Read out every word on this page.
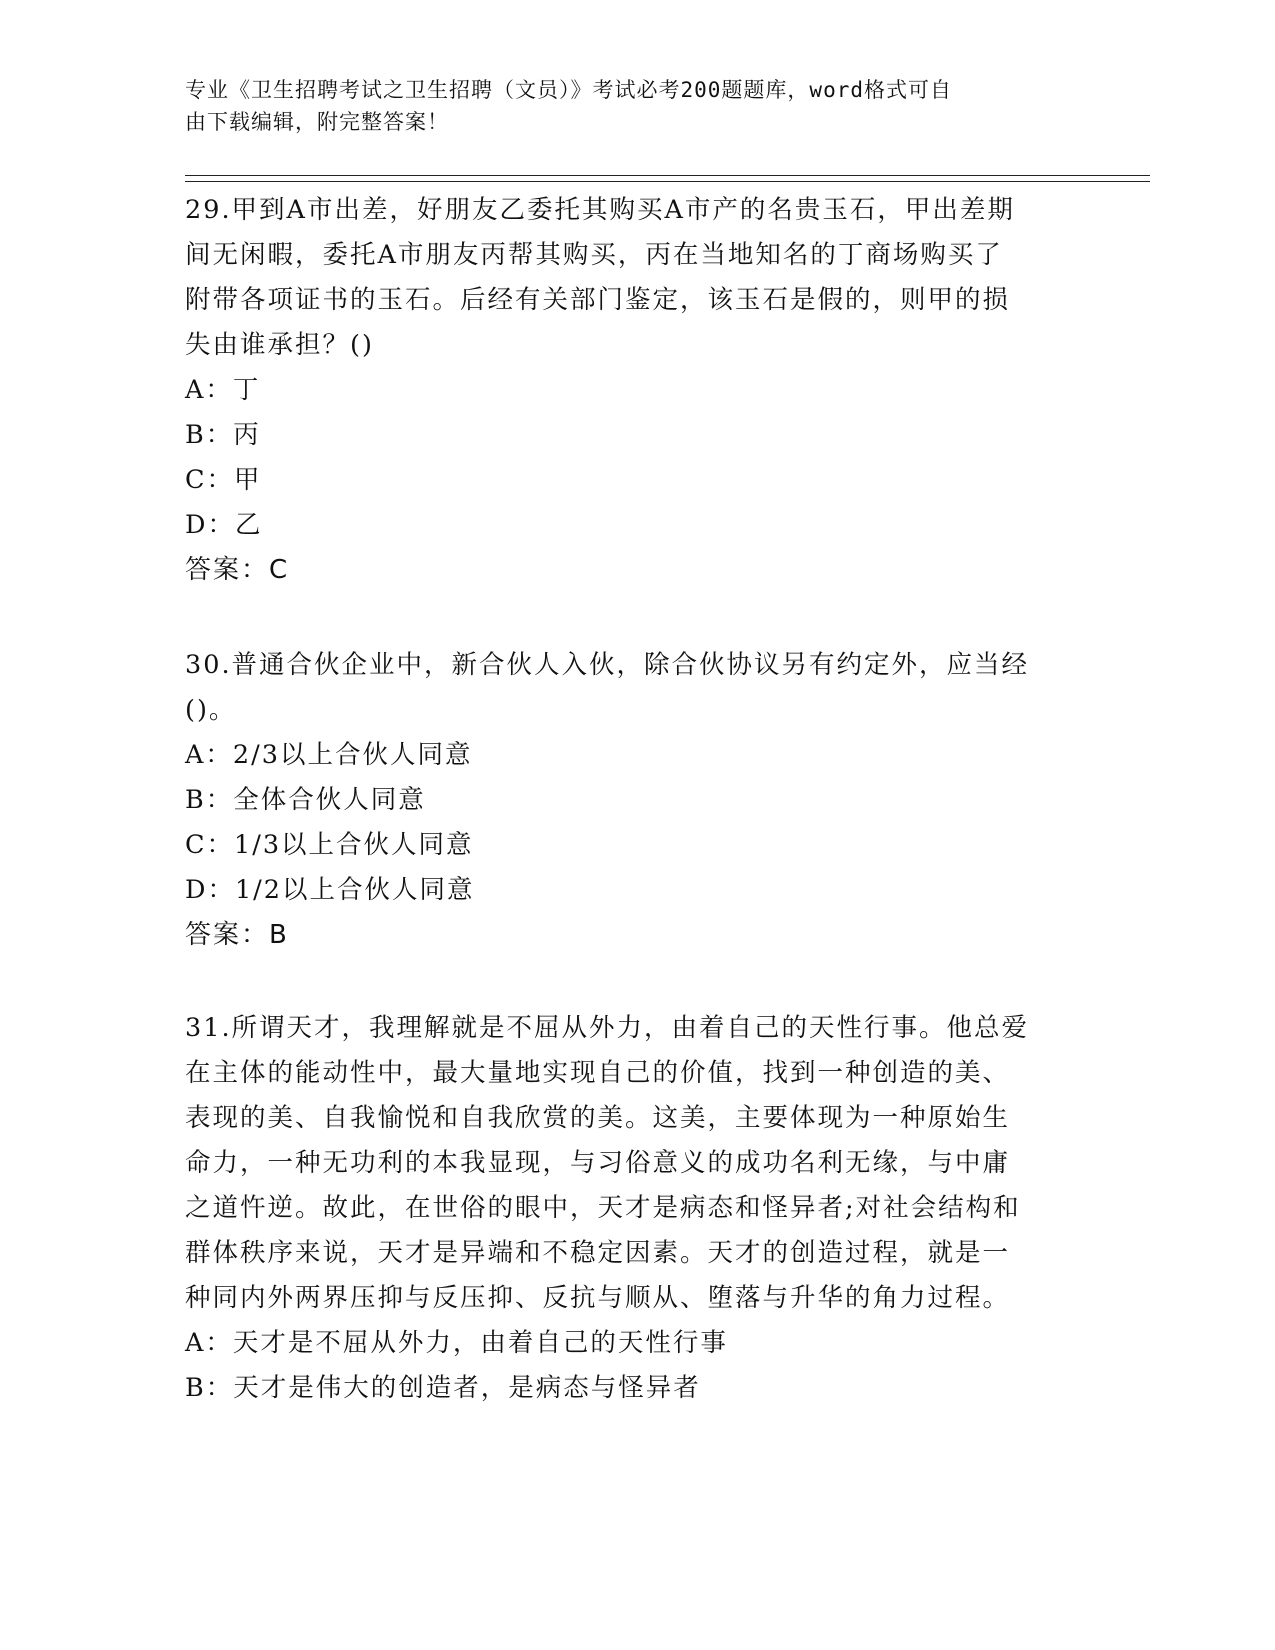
专业《卫生招聘考试之卫生招聘（文员）》考试必考200题题库，word格式可自

由下载编辑，附完整答案！

29.甲到A市出差，好朋友乙委托其购买A市产的名贵玉石，甲出差期

间无闲暇，委托A市朋友丙帮其购买，丙在当地知名的丁商场购买了

附带各项证书的玉石。后经有关部门鉴定，该玉石是假的，则甲的损

失由谁承担？()

A：丁

B：丙

C：甲

D：乙

答案：C

30.普通合伙企业中，新合伙人入伙，除合伙协议另有约定外，应当经

()。

A：2/3以上合伙人同意

B：全体合伙人同意

C：1/3以上合伙人同意

D：1/2以上合伙人同意

答案：B

31.所谓天才，我理解就是不屈从外力，由着自己的天性行事。他总爱

在主体的能动性中，最大量地实现自己的价值，找到一种创造的美、

表现的美、自我愉悦和自我欣赏的美。这美，主要体现为一种原始生

命力，一种无功利的本我显现，与习俗意义的成功名利无缘，与中庸

之道忤逆。故此，在世俗的眼中，天才是病态和怪异者;对社会结构和

群体秩序来说，天才是异端和不稳定因素。天才的创造过程，就是一

种同内外两界压抑与反压抑、反抗与顺从、堕落与升华的角力过程。

A：天才是不屈从外力，由着自己的天性行事

B：天才是伟大的创造者，是病态与怪异者
